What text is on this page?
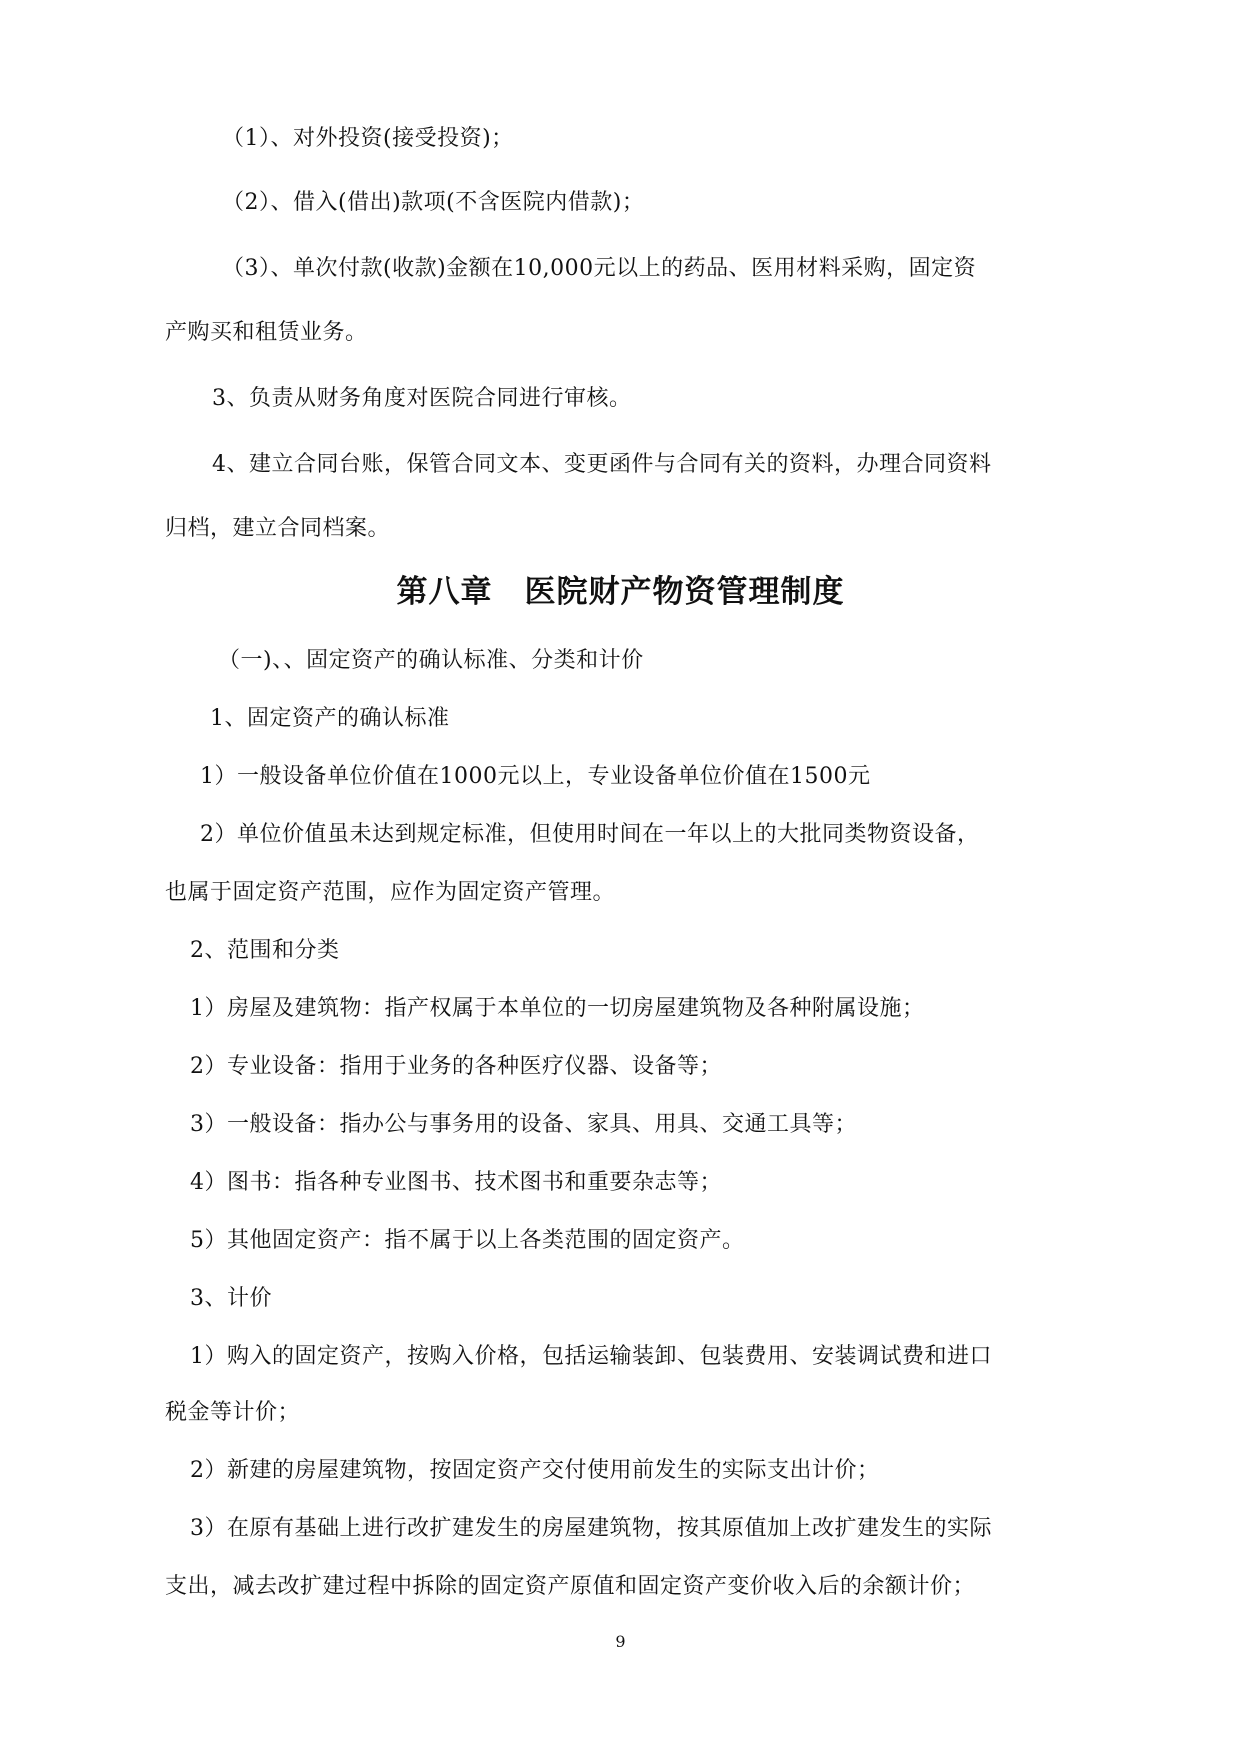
（1）、对外投资(接受投资)；
（2）、借入(借出)款项(不含医院内借款)；
（3）、单次付款(收款)金额在10,000元以上的药品、医用材料采购，固定资
产购买和租赁业务。
3、负责从财务角度对医院合同进行审核。
4、建立合同台账，保管合同文本、变更函件与合同有关的资料，办理合同资料
归档，建立合同档案。
第八章　医院财产物资管理制度
（一)、、固定资产的确认标准、分类和计价
1、固定资产的确认标准
1）一般设备单位价值在1000元以上，专业设备单位价值在1500元
2）单位价值虽未达到规定标准，但使用时间在一年以上的大批同类物资设备，
也属于固定资产范围，应作为固定资产管理。
2、范围和分类
1）房屋及建筑物：指产权属于本单位的一切房屋建筑物及各种附属设施；
2）专业设备：指用于业务的各种医疗仪器、设备等；
3）一般设备：指办公与事务用的设备、家具、用具、交通工具等；
4）图书：指各种专业图书、技术图书和重要杂志等；
5）其他固定资产：指不属于以上各类范围的固定资产。
3、计价
1）购入的固定资产，按购入价格，包括运输装卸、包装费用、安装调试费和进口
税金等计价；
2）新建的房屋建筑物，按固定资产交付使用前发生的实际支出计价；
3）在原有基础上进行改扩建发生的房屋建筑物，按其原值加上改扩建发生的实际
支出，减去改扩建过程中拆除的固定资产原值和固定资产变价收入后的余额计价；
9
